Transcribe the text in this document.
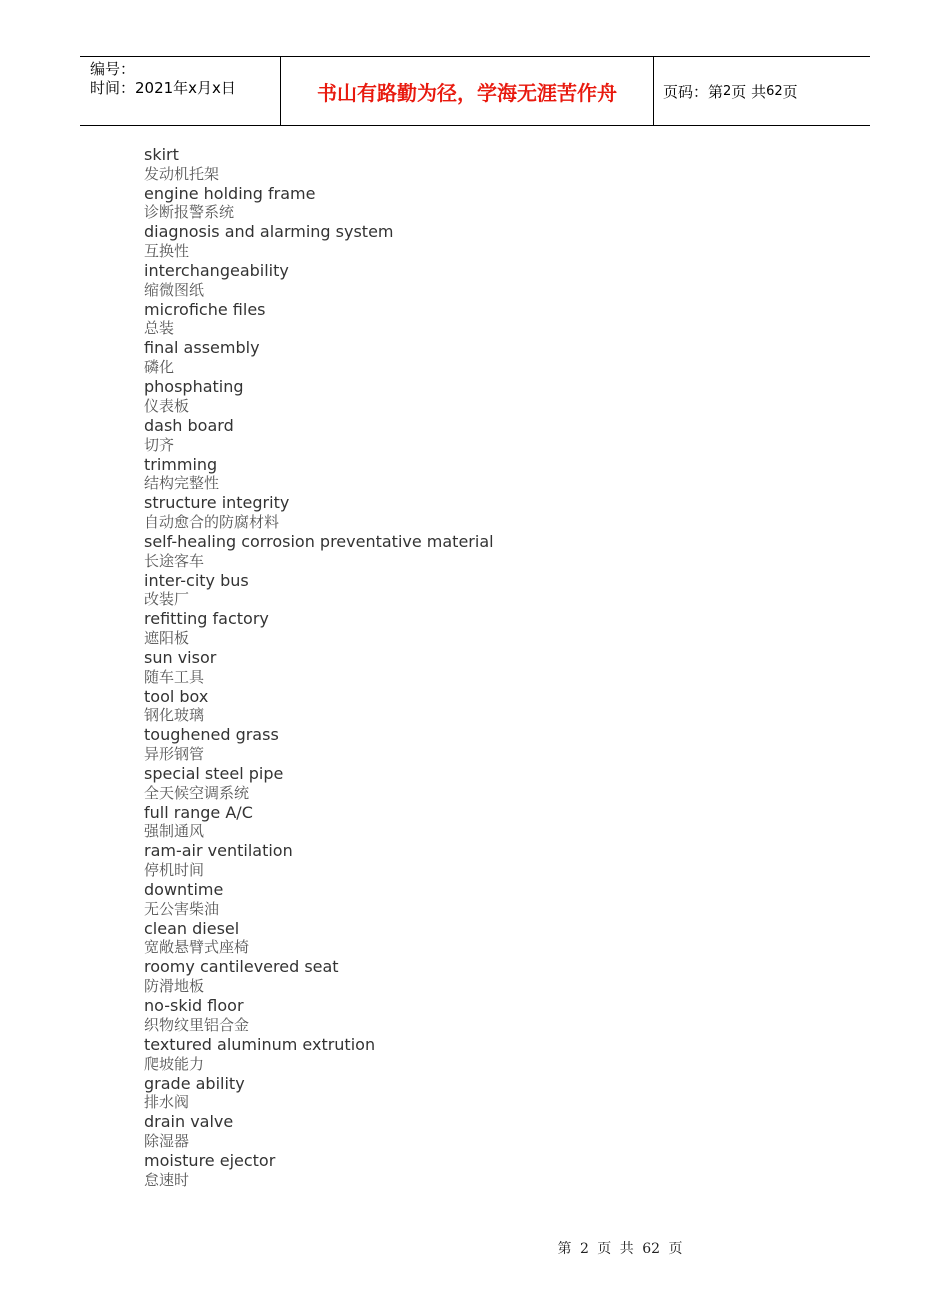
编号：
时间：2021年x月x日	书山有路勤为径，学海无涯苦作舟	页码：第 2 页 共 62 页
skirt
发动机托架
engine holding frame
诊断报警系统
diagnosis and alarming system
互换性
interchangeability
缩微图纸
microfiche files
总装
final assembly
磷化
phosphating
仪表板
dash board
切齐
trimming
结构完整性
structure integrity
自动愈合的防腐材料
self-healing corrosion preventative material
长途客车
inter-city bus
改装厂
refitting factory
遮阳板
sun visor
随车工具
tool box
钢化玻璃
toughened grass
异形钢管
special steel pipe
全天候空调系统
full range A/C
强制通风
ram-air ventilation
停机时间
downtime
无公害柴油
clean diesel
宽敞悬臂式座椅
roomy cantilevered seat
防滑地板
no-skid floor
织物纹里铝合金
textured aluminum extrution
爬坡能力
grade ability
排水阀
drain valve
除湿器
moisture ejector
怠速时
第 2 页 共 62 页
